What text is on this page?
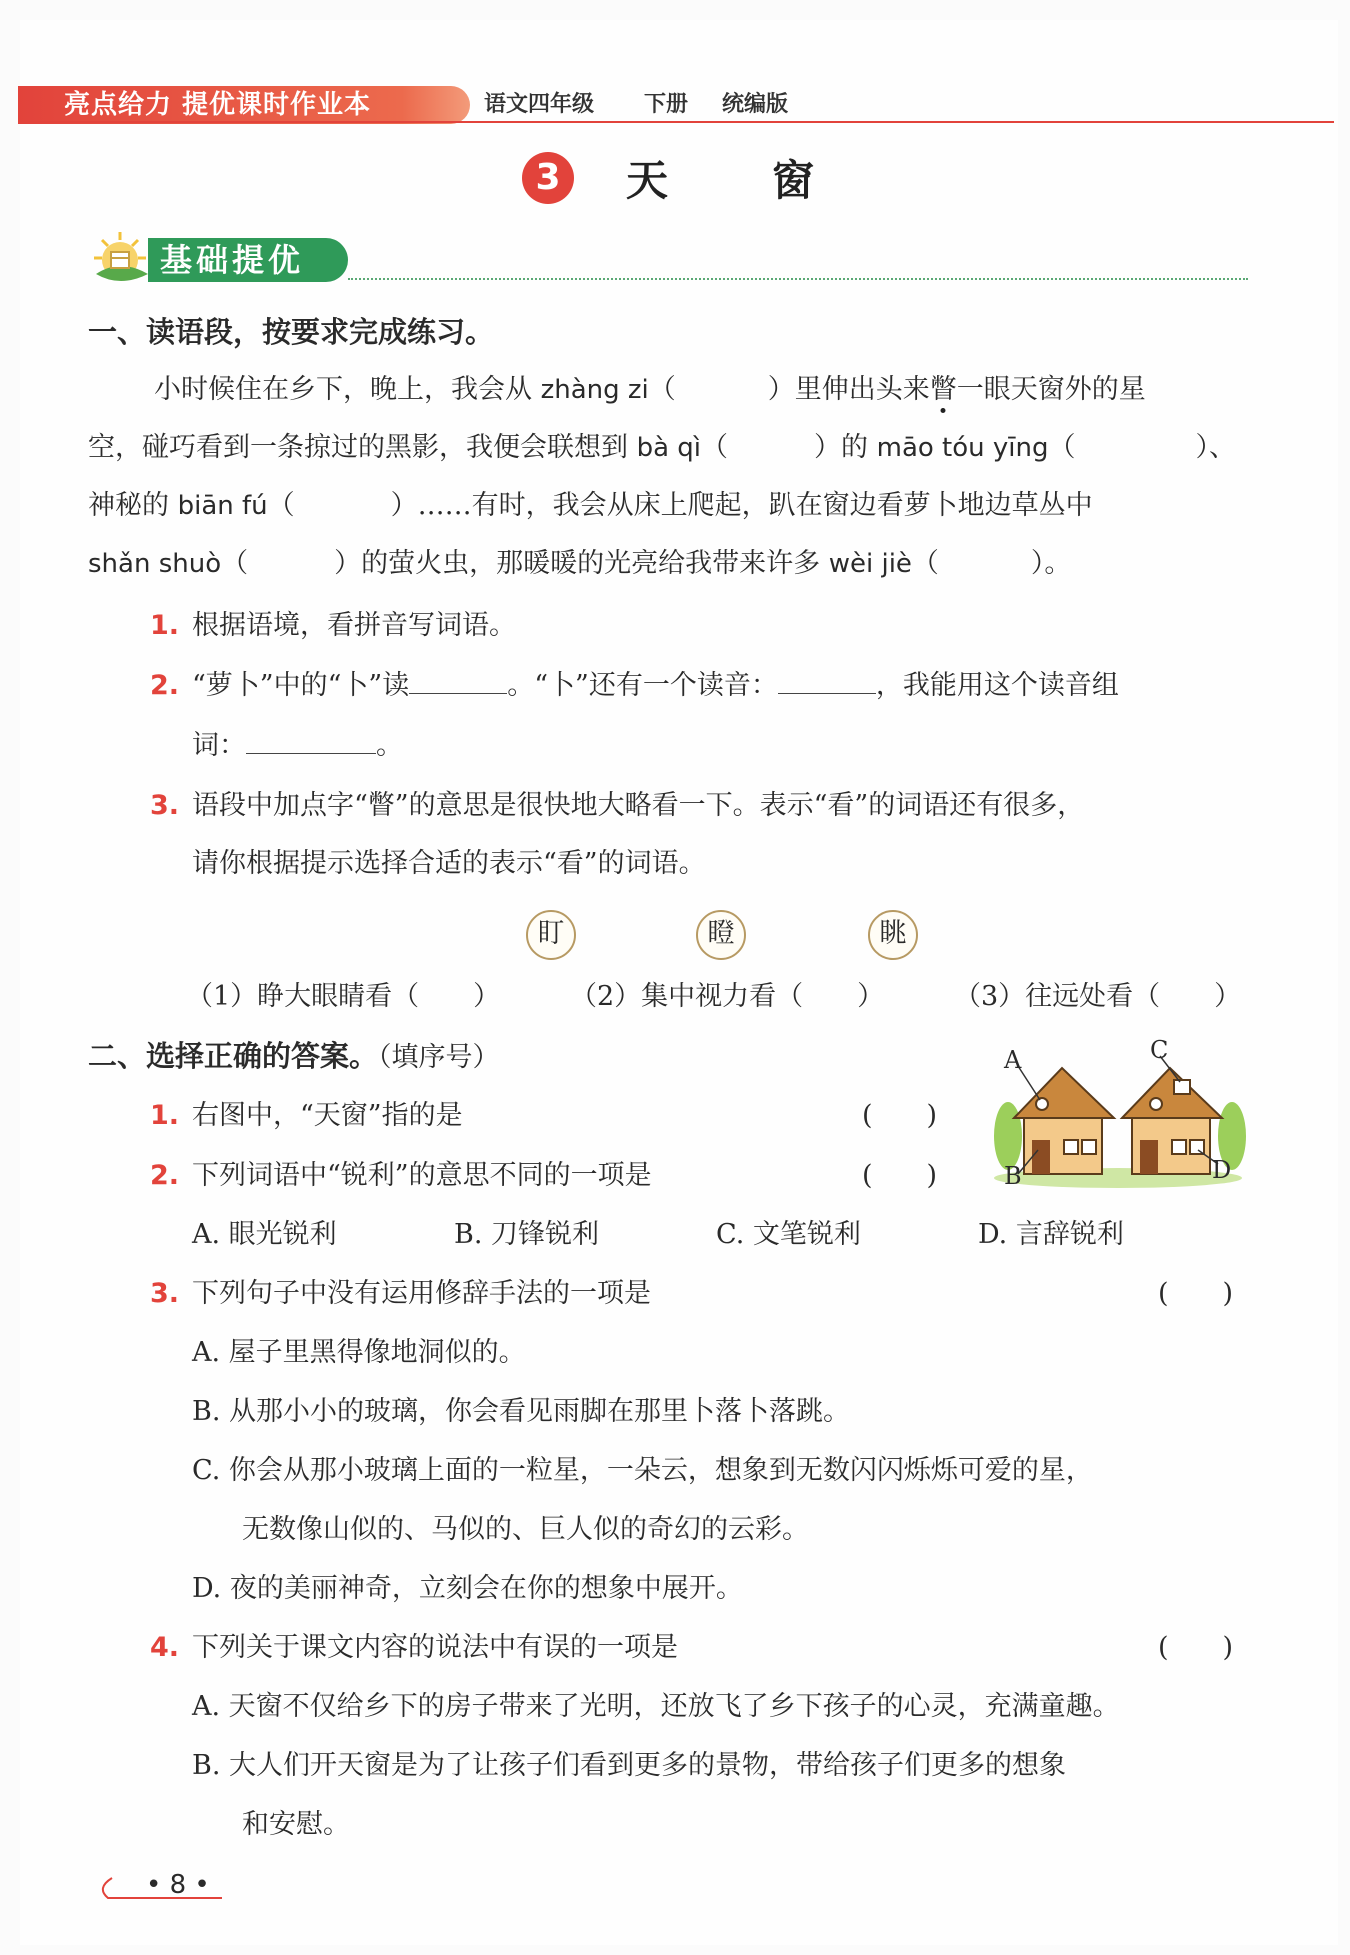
亮点给力 提优课时作业本	语文四年级 下册 统编版
3	天 窗
基础提优
一、读语段，按要求完成练习。
小时候住在乡下，晚上，我会从 zhàng zi（	）里伸出头来瞥一眼天窗外的星
空，碰巧看到一条掠过的黑影，我便会联想到 bà qì（	）的 māo tóu yīng（	）、
神秘的 biān fú（	）……有时，我会从床上爬起，趴在窗边看萝卜地边草丛中
shǎn shuò（	）的萤火虫，那暖暖的光亮给我带来许多 wèi jiè（	）。
1. 根据语境，看拼音写词语。
2. “萝卜”中的“卜”读	。“卜”还有一个读音：	，我能用这个读音组
词：	。
3. 语段中加点字“瞥”的意思是很快地大略看一下。表示“看”的词语还有很多，
请你根据提示选择合适的表示“看”的词语。
盯	瞪	眺
（1）睁大眼睛看（　　）	（2）集中视力看（　　）	（3）往远处看（　　）
二、选择正确的答案。（填序号）
1. 右图中，“天窗”指的是	(　　)
A
B
C
D
2. 下列词语中“锐利”的意思不同的一项是	(　　)
A. 眼光锐利	B. 刀锋锐利	C. 文笔锐利	D. 言辞锐利
3. 下列句子中没有运用修辞手法的一项是	(　　)
A. 屋子里黑得像地洞似的。
B. 从那小小的玻璃，你会看见雨脚在那里卜落卜落跳。
C. 你会从那小玻璃上面的一粒星，一朵云，想象到无数闪闪烁烁可爱的星，
无数像山似的、马似的、巨人似的奇幻的云彩。
D. 夜的美丽神奇，立刻会在你的想象中展开。
4. 下列关于课文内容的说法中有误的一项是	(　　)
A. 天窗不仅给乡下的房子带来了光明，还放飞了乡下孩子的心灵，充满童趣。
B. 大人们开天窗是为了让孩子们看到更多的景物，带给孩子们更多的想象
和安慰。
• 8 •
